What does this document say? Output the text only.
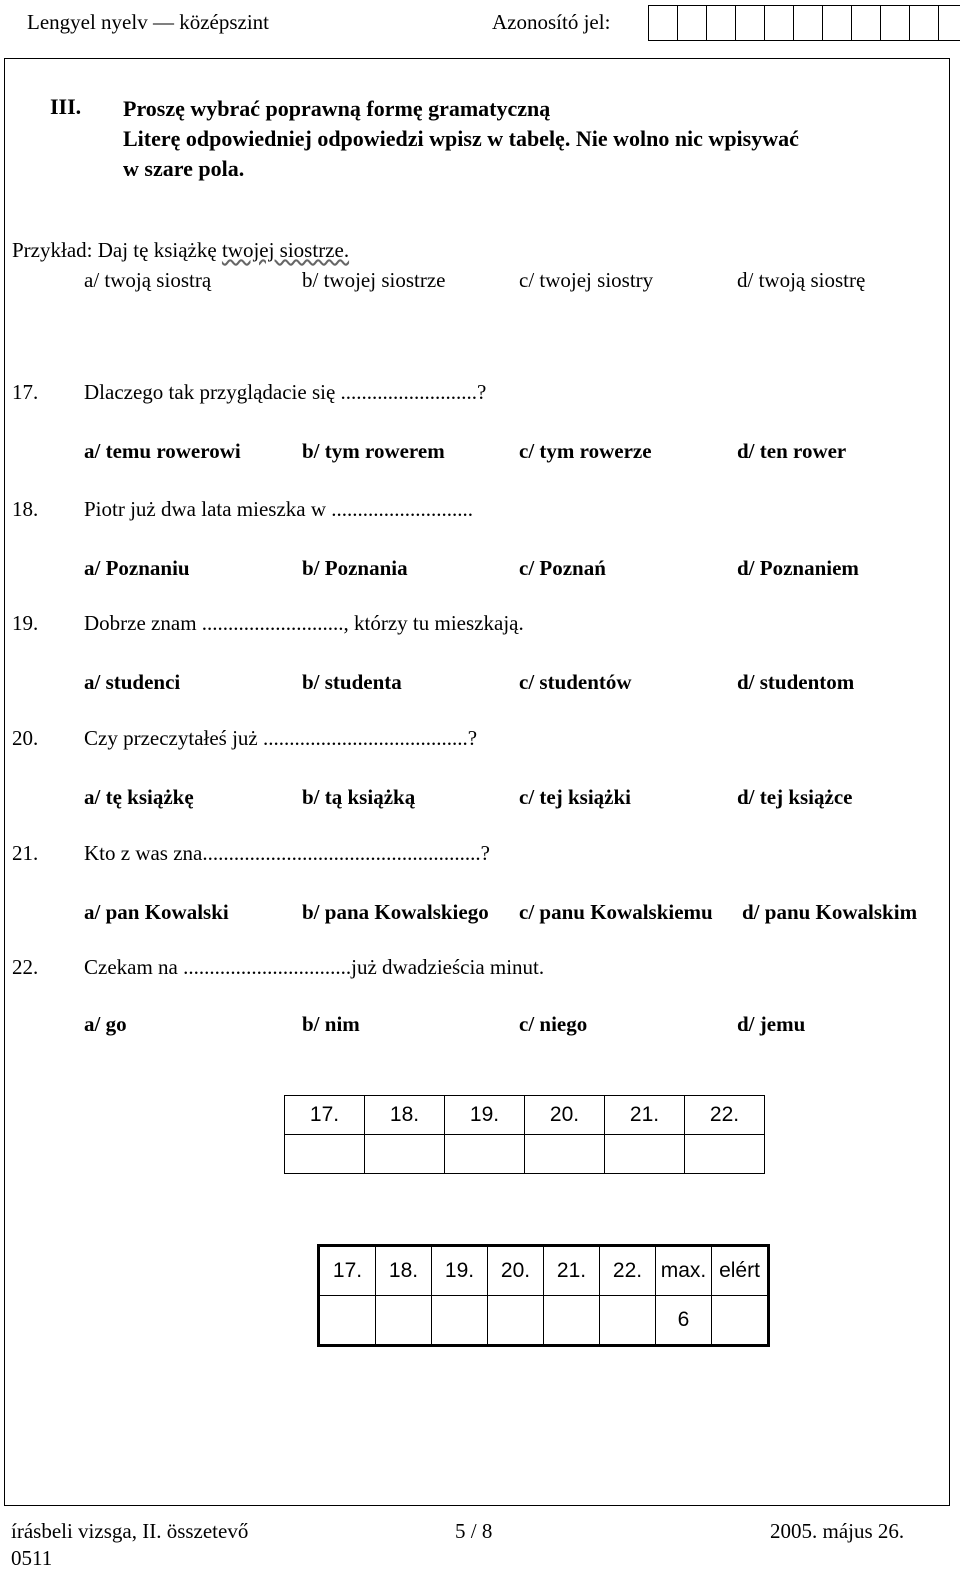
Lengyel nyelv — középszint	Azonosító jel:
III. Proszę wybrać poprawną formę gramatyczną
Literę odpowiedniej odpowiedzi wpisz w tabelę. Nie wolno nic wpisywać
w szare pola.
Przykład: Daj tę książkę twojej siostrze.
17.	18.	19.	20.	21.	22.

17.	18.	19.	20.	21.	22.	max.	elért
						6	
írásbeli vizsga, II. összetevő	5 / 8	2005. május 26.
0511
a/ twoją siostrą	b/ twojej siostrze	c/ twojej siostry	d/ twoją siostrę
17. Dlaczego tak przyglądacie się ..........................?
a/ temu rowerowi	b/ tym rowerem	c/ tym rowerze	d/ ten rower
18. Piotr już dwa lata mieszka w ...........................
a/ Poznaniu	b/ Poznania	c/ Poznań	d/ Poznaniem
19. Dobrze znam ..........................., którzy tu mieszkają.
a/ studenci	b/ studenta	c/ studentów	d/ studentom
20. Czy przeczytałeś już .......................................?
a/ tę książkę	b/ tą książką	c/ tej książki	d/ tej książce
21. Kto z was zna.....................................................?
a/ pan Kowalski	b/ pana Kowalskiego c/ panu Kowalskiemu d/ panu Kowalskim
22. Czekam na ................................już dwadzieścia minut.
a/ go	b/ nim	c/ niego	d/ jemu
